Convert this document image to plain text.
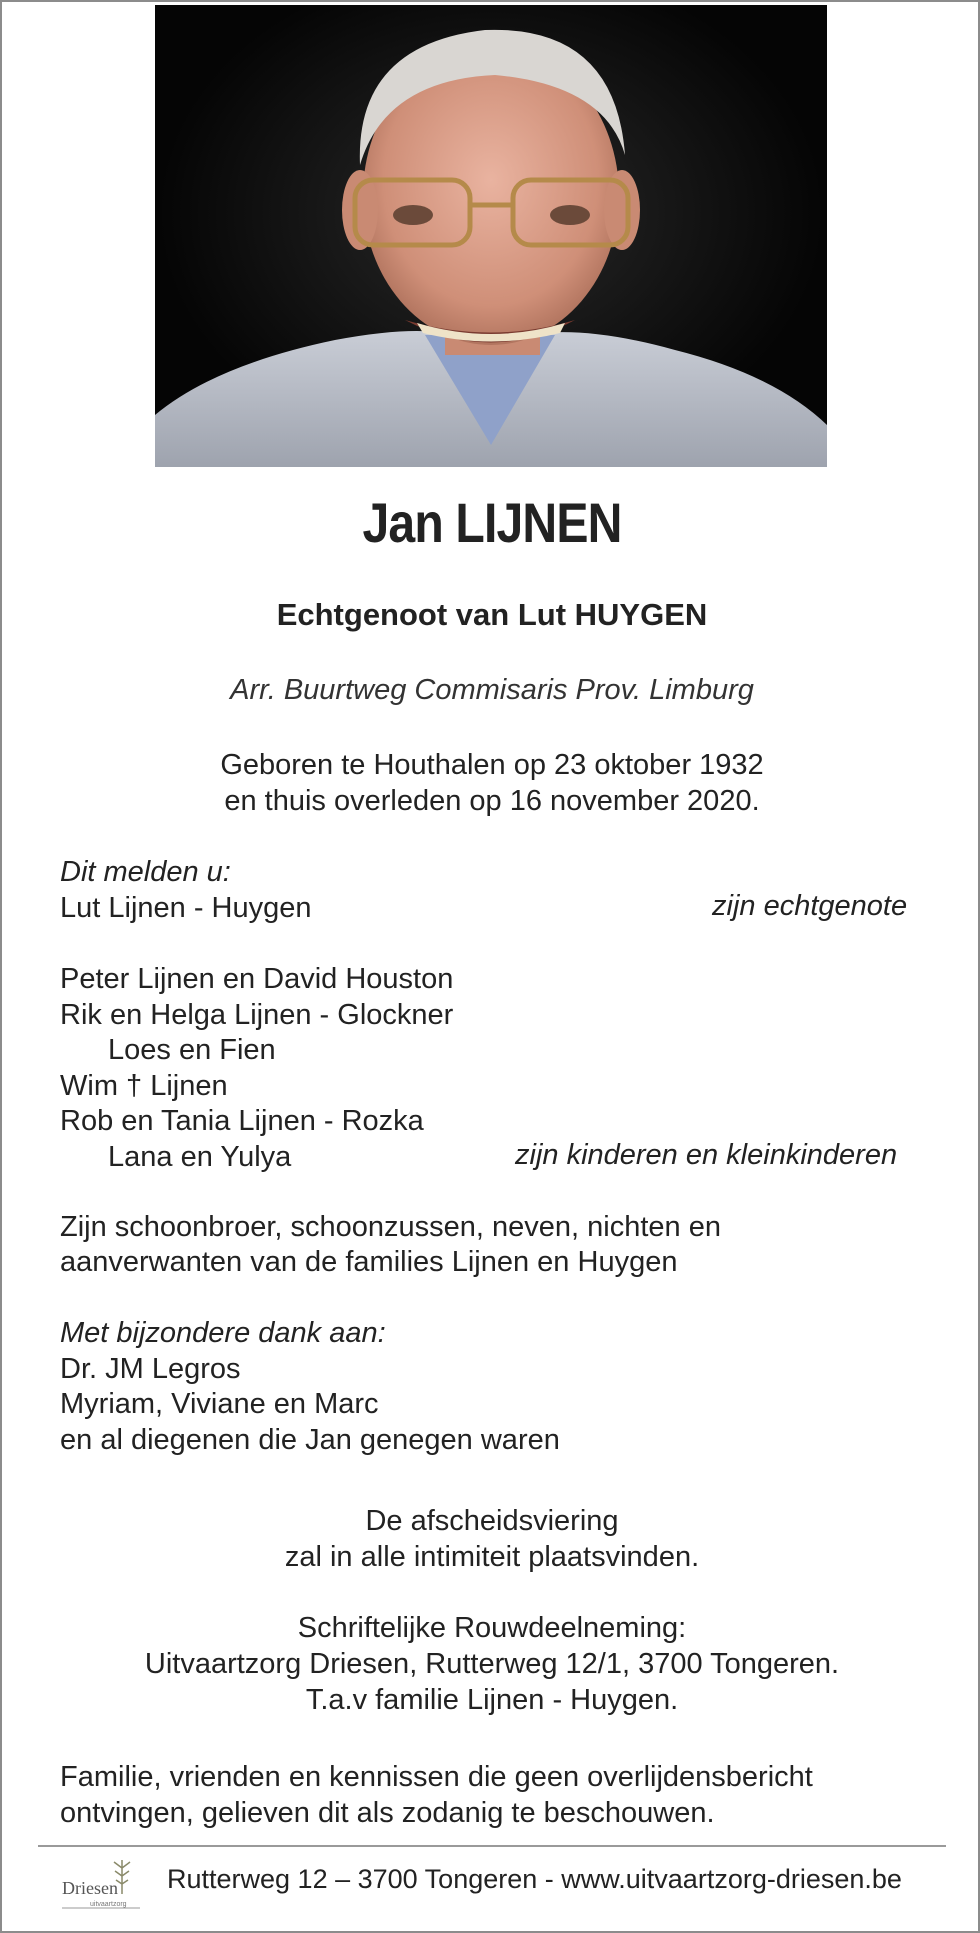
Jan LIJNEN
Echtgenoot van Lut HUYGEN
Arr. Buurtweg Commisaris Prov. Limburg
Geboren te Houthalen op 23 oktober 1932
en thuis overleden op 16 november 2020.
Dit melden u:
Lut Lijnen - Huygen	zijn echtgenote
Peter Lijnen en David Houston
Rik en Helga Lijnen - Glockner
Loes en Fien
Wim † Lijnen
Rob en Tania Lijnen - Rozka
Lana en Yulya	zijn kinderen en kleinkinderen
Zijn schoonbroer, schoonzussen, neven, nichten en
aanverwanten van de families Lijnen en Huygen
Met bijzondere dank aan:
Dr. JM Legros
Myriam, Viviane en Marc
en al diegenen die Jan genegen waren
De afscheidsviering
zal in alle intimiteit plaatsvinden.
Schriftelijke Rouwdeelneming:
Uitvaartzorg Driesen, Rutterweg 12/1, 3700 Tongeren.
T.a.v familie Lijnen - Huygen.
Familie, vrienden en kennissen die geen overlijdensbericht
ontvingen, gelieven dit als zodanig te beschouwen.
Driesen
uitvaartzorg
Rutterweg 12 – 3700 Tongeren - www.uitvaartzorg-driesen.be
